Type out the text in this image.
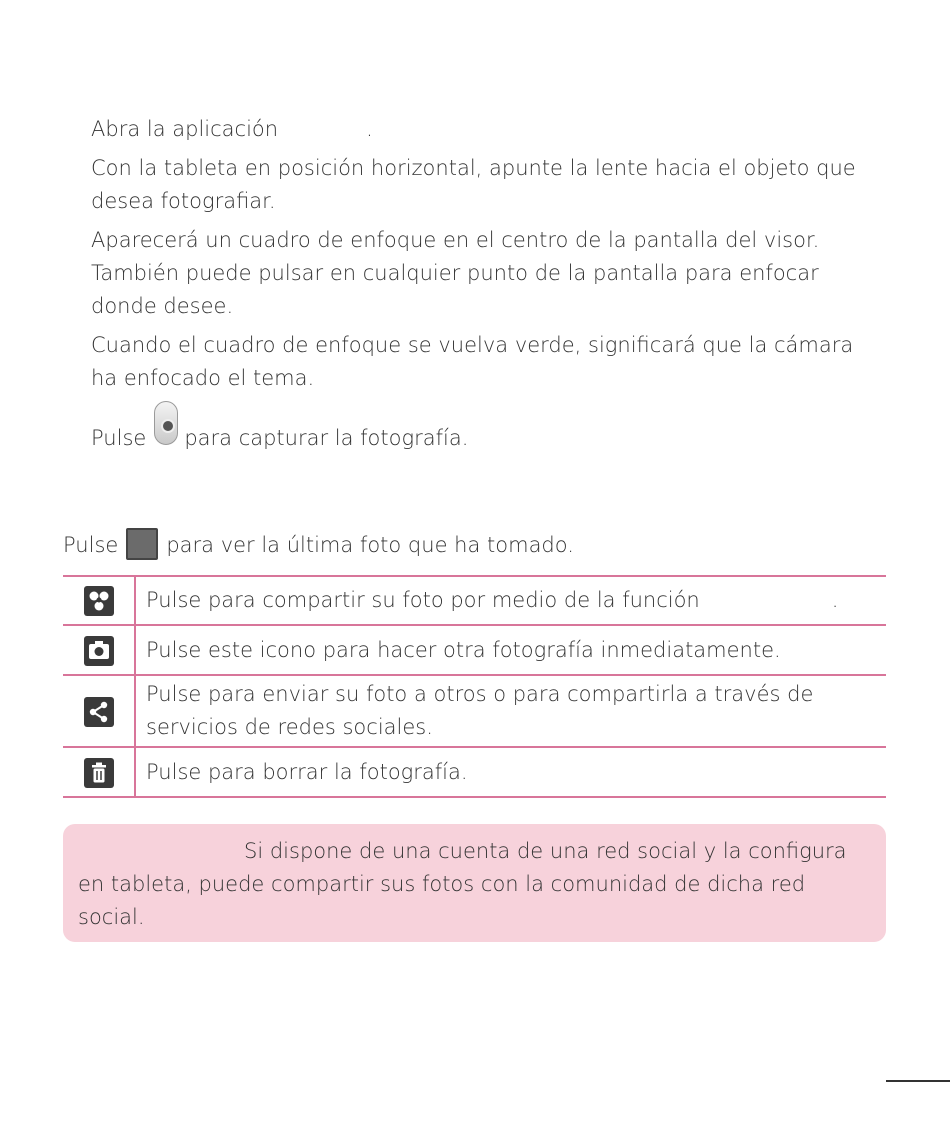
Abra la aplicación	.

Con la tableta en posición horizontal, apunte la lente hacia el objeto que desea fotografiar.

Aparecerá un cuadro de enfoque en el centro de la pantalla del visor. También puede pulsar en cualquier punto de la pantalla para enfocar donde desee.

Cuando el cuadro de enfoque se vuelva verde, significará que la cámara ha enfocado el tema.

Pulse para capturar la fotografía.

Pulse para ver la última foto que ha tomado.

	Pulse para compartir su foto por medio de la función .

	Pulse este icono para hacer otra fotografía inmediatamente.

	Pulse para enviar su foto a otros o para compartirla a través de servicios de redes sociales.

	Pulse para borrar la fotografía.

Si dispone de una cuenta de una red social y la configura en tableta, puede compartir sus fotos con la comunidad de dicha red social.
